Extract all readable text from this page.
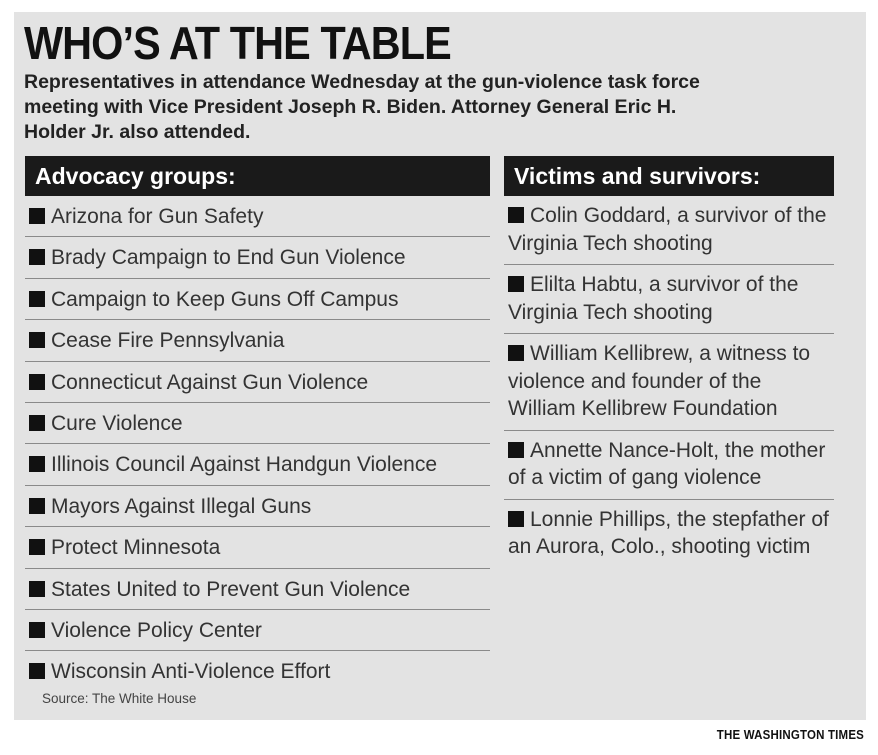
WHO’S AT THE TABLE

Representatives in attendance Wednesday at the gun-violence task force meeting with Vice President Joseph R. Biden. Attorney General Eric H. Holder Jr. also attended.

Advocacy groups:
Arizona for Gun Safety
Brady Campaign to End Gun Violence
Campaign to Keep Guns Off Campus
Cease Fire Pennsylvania
Connecticut Against Gun Violence
Cure Violence
Illinois Council Against Handgun Violence
Mayors Against Illegal Guns
Protect Minnesota
States United to Prevent Gun Violence
Violence Policy Center
Wisconsin Anti-Violence Effort
Victims and survivors:
Colin Goddard, a survivor of the Virginia Tech shooting
Elilta Habtu, a survivor of the Virginia Tech shooting
William Kellibrew, a witness to violence and founder of the William Kellibrew Foundation
Annette Nance-Holt, the mother of a victim of gang violence
Lonnie Phillips, the stepfather of an Aurora, Colo., shooting victim
Source: The White House
THE WASHINGTON TIMES
